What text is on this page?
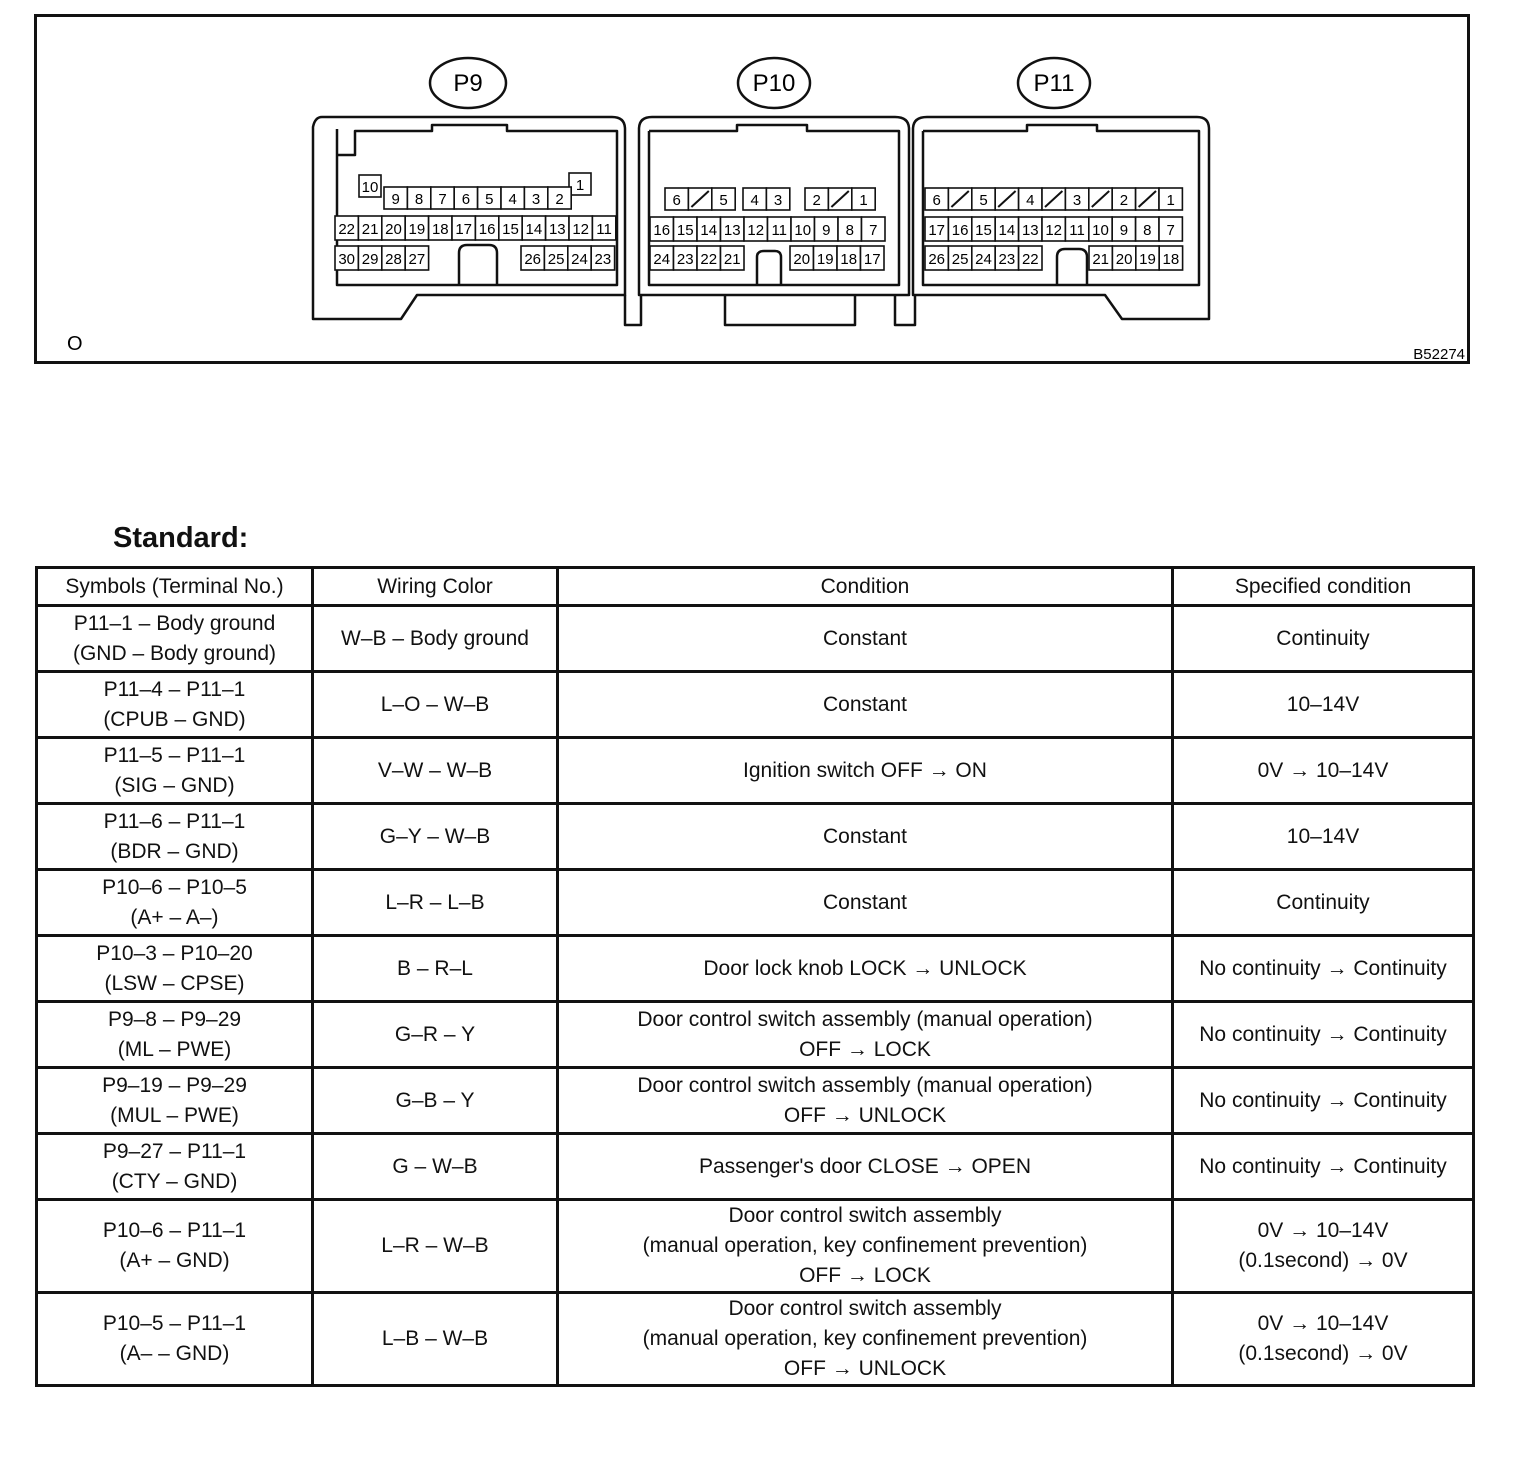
10	1
9 8 7 6 5 4 3 2
22 21 20 19 18 17 16 15 14 13 12 11
30 29 28 27	26 25 24 23
6	5 4 3 2	1
16 15 14 13 12 11 10 9 8 7
24 23 22 21	20 19 18 17
6	5	4	3	2	1
17 16 15 14 13 12 11 10 9 8 7
26 25 24 23 22	21 20 19 18
P9	P10	P11
O	B52274
Standard:
Symbols (Terminal No.)	Wiring Color	Condition	Specified condition

P11–1 – Body ground
(GND – Body ground)	W–B – Body ground	Constant	Continuity

P11–4 – P11–1
(CPUB – GND)	L–O – W–B	Constant	10–14V

P11–5 – P11–1
(SIG – GND)	V–W – W–B	Ignition switch OFF → ON	0V → 10–14V

P11–6 – P11–1
(BDR – GND)	G–Y – W–B	Constant	10–14V

P10–6 – P10–5
(A+ – A–)	L–R – L–B	Constant	Continuity

P10–3 – P10–20
(LSW – CPSE)	B – R–L	Door lock knob LOCK → UNLOCK	No continuity → Continuity

P9–8 – P9–29
(ML – PWE)	G–R – Y	Door control switch assembly (manual operation)
OFF → LOCK	No continuity → Continuity

P9–19 – P9–29
(MUL – PWE)	G–B – Y	Door control switch assembly (manual operation)
OFF → UNLOCK	No continuity → Continuity

P9–27 – P11–1
(CTY – GND)	G – W–B	Passenger's door CLOSE → OPEN	No continuity → Continuity

P10–6 – P11–1
(A+ – GND)	L–R – W–B	Door control switch assembly
(manual operation, key confinement prevention)
OFF → LOCK	0V → 10–14V
(0.1second) → 0V

P10–5 – P11–1
(A– – GND)	L–B – W–B	Door control switch assembly
(manual operation, key confinement prevention)
OFF → UNLOCK	0V → 10–14V
(0.1second) → 0V
